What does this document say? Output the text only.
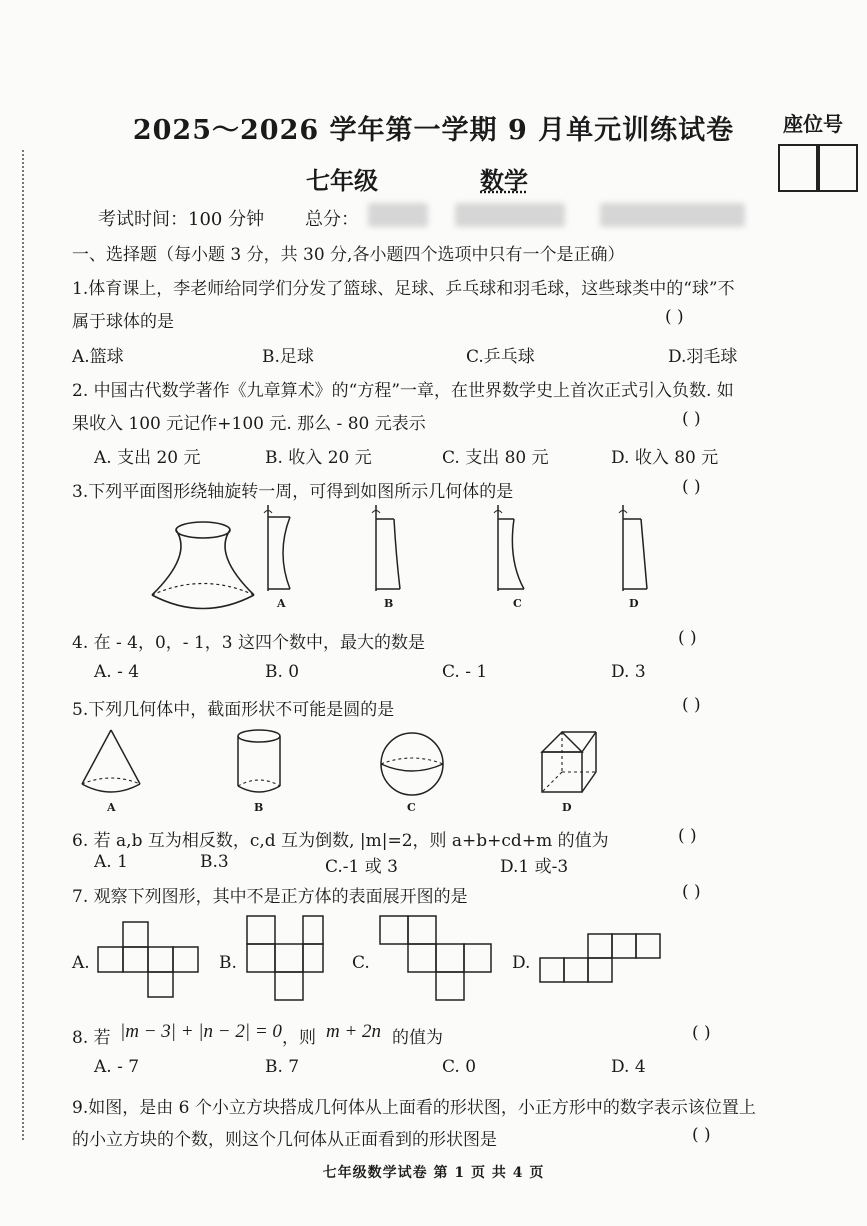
2025～2026 学年第一学期 9 月单元训练试卷	座位号
七年级	数学
考试时间：100 分钟 总分：
一、选择题（每小题 3 分，共 30 分,各小题四个选项中只有一个是正确）
1.体育课上，李老师给同学们分发了篮球、足球、乒乓球和羽毛球，这些球类中的“球”不
属于球体的是	( )
A.篮球	B.足球	C.乒乓球	D.羽毛球
2. 中国古代数学著作《九章算术》的“方程”一章，在世界数学史上首次正式引入负数. 如
果收入 100 元记作+100 元. 那么 - 80 元表示	( )
A. 支出 20 元	B. 收入 20 元	C. 支出 80 元	D. 收入 80 元
3.下列平面图形绕轴旋转一周，可得到如图所示几何体的是	( )
A	B	C	D
4. 在 - 4，0，- 1，3 这四个数中，最大的数是	( )
A. - 4	B. 0	C. - 1	D. 3
5.下列几何体中，截面形状不可能是圆的是	( )
A	B	C	D
6. 若 a,b 互为相反数，c,d 互为倒数, |m|=2，则 a+b+cd+m 的值为	( )
A. 1	B.3	C.-1 或 3	D.1 或-3
7. 观察下列图形，其中不是正方体的表面展开图的是	( )
A.	B.	C.	D.
8. 若 |m − 3| + |n − 2| = 0 ，则 m + 2n 的值为	( )
A. - 7	B. 7	C. 0	D. 4
9.如图，是由 6 个小立方块搭成几何体从上面看的形状图，小正方形中的数字表示该位置上
的小立方块的个数，则这个几何体从正面看到的形状图是	( )
七年级数学试卷 第 1 页 共 4 页
